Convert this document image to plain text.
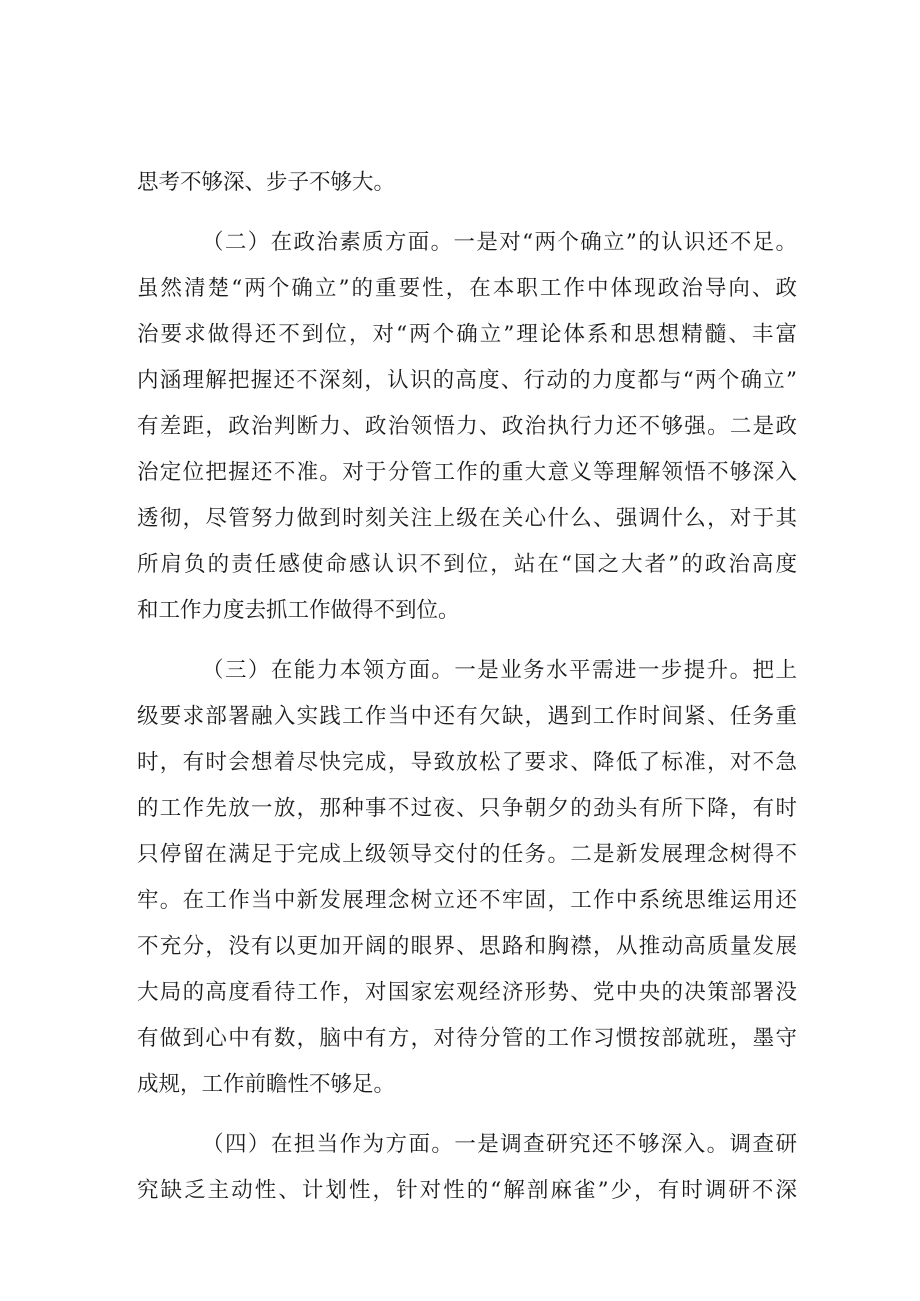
思考不够深、步子不够大。
（二）在政治素质方面。一是对“两个确立”的认识还不足。
虽然清楚“两个确立”的重要性，在本职工作中体现政治导向、政
治要求做得还不到位，对“两个确立”理论体系和思想精髓、丰富
内涵理解把握还不深刻，认识的高度、行动的力度都与“两个确立”
有差距，政治判断力、政治领悟力、政治执行力还不够强。二是政
治定位把握还不准。对于分管工作的重大意义等理解领悟不够深入
透彻，尽管努力做到时刻关注上级在关心什么、强调什么，对于其
所肩负的责任感使命感认识不到位，站在“国之大者”的政治高度
和工作力度去抓工作做得不到位。
（三）在能力本领方面。一是业务水平需进一步提升。把上
级要求部署融入实践工作当中还有欠缺，遇到工作时间紧、任务重
时，有时会想着尽快完成，导致放松了要求、降低了标准，对不急
的工作先放一放，那种事不过夜、只争朝夕的劲头有所下降，有时
只停留在满足于完成上级领导交付的任务。二是新发展理念树得不
牢。在工作当中新发展理念树立还不牢固，工作中系统思维运用还
不充分，没有以更加开阔的眼界、思路和胸襟，从推动高质量发展
大局的高度看待工作，对国家宏观经济形势、党中央的决策部署没
有做到心中有数，脑中有方，对待分管的工作习惯按部就班，墨守
成规，工作前瞻性不够足。
（四）在担当作为方面。一是调查研究还不够深入。调查研
究缺乏主动性、计划性，针对性的“解剖麻雀”少，有时调研不深
